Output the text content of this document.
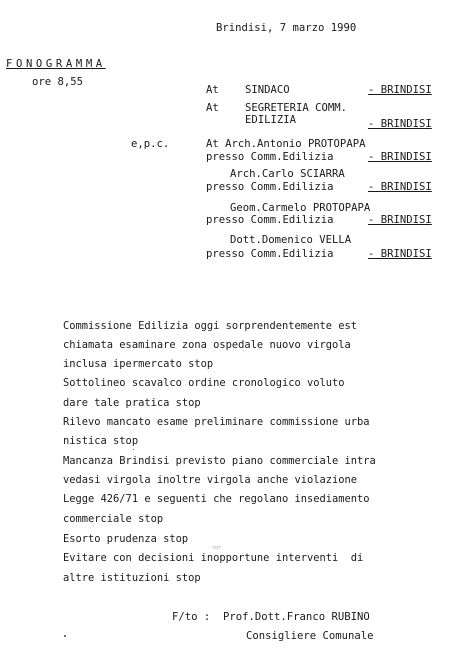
Brindisi, 7 marzo 1990
FONOGRAMMA
ore 8,55
At SINDACO	- BRINDISI
At SEGRETERIA COMM.
EDILIZIA	- BRINDISI
e,p.c.	At Arch.Antonio PROTOPAPA
presso Comm.Edilizia	- BRINDISI
Arch.Carlo SCIARRA
presso Comm.Edilizia	- BRINDISI
Geom.Carmelo PROTOPAPA
presso Comm.Edilizia	- BRINDISI
Dott.Domenico VELLA
presso Comm.Edilizia	- BRINDISI
Commissione Edilizia oggi sorprendentemente est
chiamata esaminare zona ospedale nuovo virgola
inclusa ipermercato stop
Sottolineo scavalco ordine cronologico voluto
dare tale pratica stop
Rilevo mancato esame preliminare commissione urba
nistica stop
Mancanza Brindisi previsto piano commerciale intra
vedasi virgola inoltre virgola anche violazione
Legge 426/71 e seguenti che regolano insediamento
commerciale stop
Esorto prudenza stop
Evitare con decisioni inopportune interventi  di
altre istituzioni stop
ror
F/to :  Prof.Dott.Franco RUBINO
Consigliere Comunale
